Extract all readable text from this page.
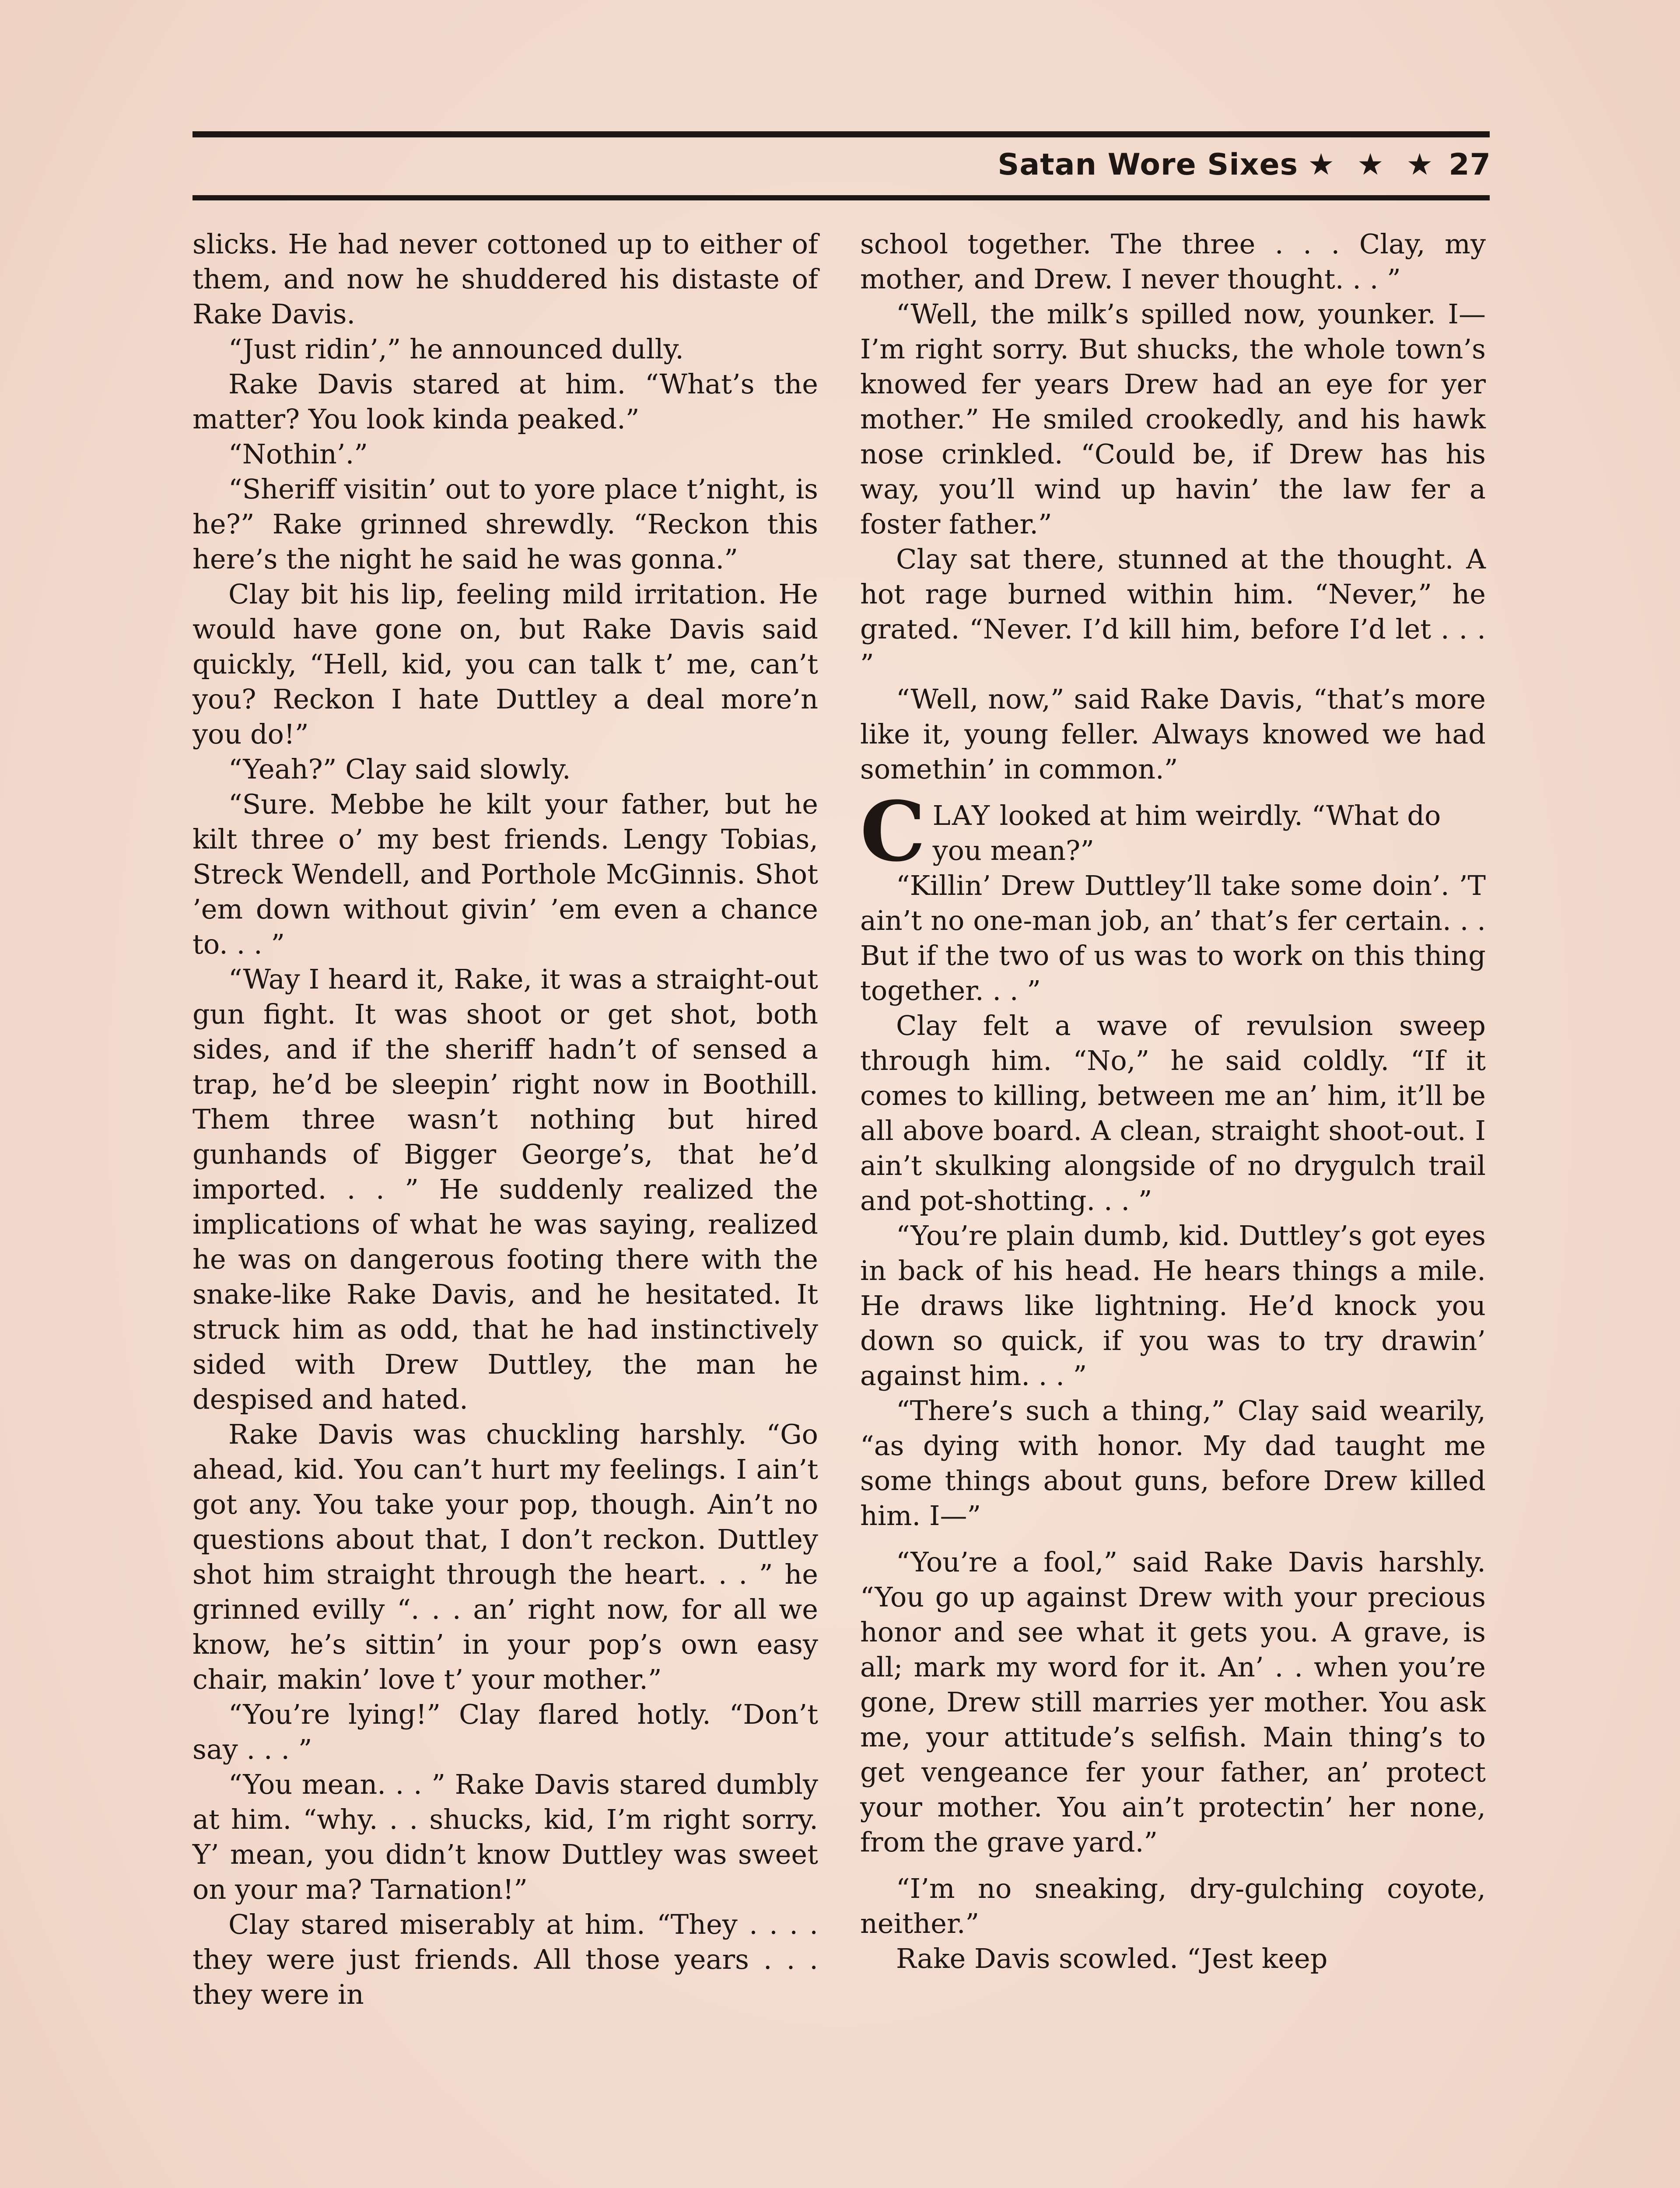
Satan Wore Sixes ★ ★ ★ 27

slicks. He had never cottoned up to either of them, and now he shuddered his distaste of Rake Davis.

“Just ridin’,” he announced dully.

Rake Davis stared at him. “What’s the matter? You look kinda peaked.”

“Nothin’.”

“Sheriff visitin’ out to yore place t’night, is he?” Rake grinned shrewdly. “Reckon this here’s the night he said he was gonna.”

Clay bit his lip, feeling mild irritation. He would have gone on, but Rake Davis said quickly, “Hell, kid, you can talk t’ me, can’t you? Reckon I hate Duttley a deal more’n you do!”

“Yeah?” Clay said slowly.

“Sure. Mebbe he kilt your father, but he kilt three o’ my best friends. Lengy Tobias, Streck Wendell, and Porthole McGinnis. Shot ’em down without givin’ ’em even a chance to. . . ”

“Way I heard it, Rake, it was a straight-out gun fight. It was shoot or get shot, both sides, and if the sheriff hadn’t of sensed a trap, he’d be sleepin’ right now in Boothill. Them three wasn’t nothing but hired gunhands of Bigger George’s, that he’d imported. . . ” He suddenly realized the implications of what he was saying, realized he was on dangerous footing there with the snake-like Rake Davis, and he hesitated. It struck him as odd, that he had instinctively sided with Drew Duttley, the man he despised and hated.

Rake Davis was chuckling harshly. “Go ahead, kid. You can’t hurt my feelings. I ain’t got any. You take your pop, though. Ain’t no questions about that, I don’t reckon. Duttley shot him straight through the heart. . . ” he grinned evilly “. . . an’ right now, for all we know, he’s sittin’ in your pop’s own easy chair, makin’ love t’ your mother.”

“You’re lying!” Clay flared hotly. “Don’t say . . . ”

“You mean. . . ” Rake Davis stared dumbly at him. “why. . . shucks, kid, I’m right sorry. Y’ mean, you didn’t know Duttley was sweet on your ma? Tarnation!”

Clay stared miserably at him. “They . . . . they were just friends. All those years . . . they were in

school together. The three . . . Clay, my mother, and Drew. I never thought. . . ”

“Well, the milk’s spilled now, younker. I—I’m right sorry. But shucks, the whole town’s knowed fer years Drew had an eye for yer mother.” He smiled crookedly, and his hawk nose crinkled. “Could be, if Drew has his way, you’ll wind up havin’ the law fer a foster father.”

Clay sat there, stunned at the thought. A hot rage burned within him. “Never,” he grated. “Never. I’d kill him, before I’d let . . . ”

“Well, now,” said Rake Davis, “that’s more like it, young feller. Always knowed we had somethin’ in common.”

CLAY looked at him weirdly. “What do you mean?”

“Killin’ Drew Duttley’ll take some doin’. ’T ain’t no one-man job, an’ that’s fer certain. . . But if the two of us was to work on this thing together. . . ”

Clay felt a wave of revulsion sweep through him. “No,” he said coldly. “If it comes to killing, between me an’ him, it’ll be all above board. A clean, straight shoot-out. I ain’t skulking alongside of no drygulch trail and pot-shotting. . . ”

“You’re plain dumb, kid. Duttley’s got eyes in back of his head. He hears things a mile. He draws like lightning. He’d knock you down so quick, if you was to try drawin’ against him. . . ”

“There’s such a thing,” Clay said wearily, “as dying with honor. My dad taught me some things about guns, before Drew killed him. I—”

“You’re a fool,” said Rake Davis harshly. “You go up against Drew with your precious honor and see what it gets you. A grave, is all; mark my word for it. An’ . . when you’re gone, Drew still marries yer mother. You ask me, your attitude’s selfish. Main thing’s to get vengeance fer your father, an’ protect your mother. You ain’t protectin’ her none, from the grave yard.”

“I’m no sneaking, dry-gulching coyote, neither.”

Rake Davis scowled. “Jest keep
